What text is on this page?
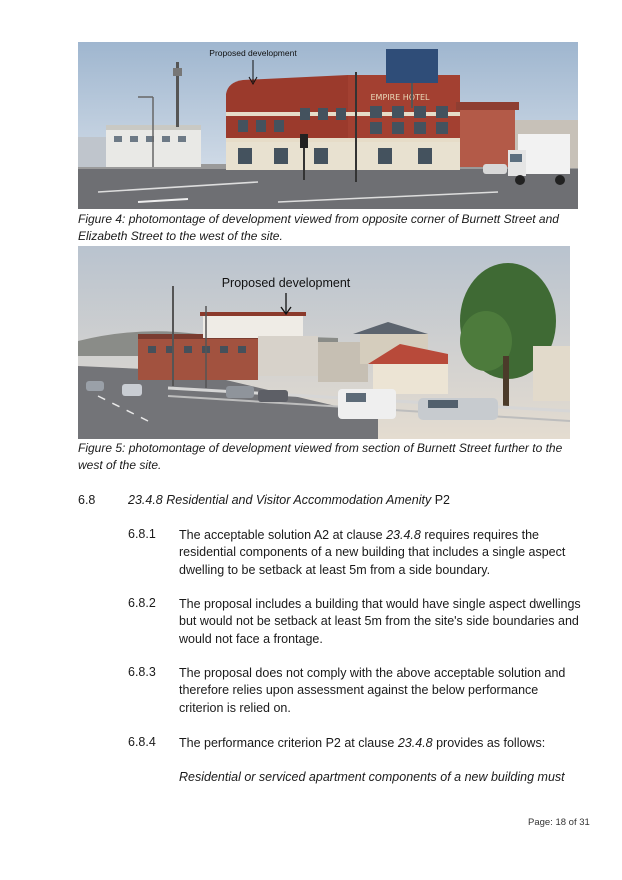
EMPIRE HOTEL
Proposed development
Figure 4: photomontage of development viewed from opposite corner of Burnett Street and Elizabeth Street to the west of the site.
Proposed development
Figure 5: photomontage of development viewed from section of Burnett Street further to the west of the site.
6.8	23.4.8 Residential and Visitor Accommodation Amenity P2
6.8.1 The acceptable solution A2 at clause 23.4.8 requires requires the residential components of a new building that includes a single aspect dwelling to be setback at least 5m from a side boundary.
6.8.2 The proposal includes a building that would have single aspect dwellings but would not be setback at least 5m from the site's side boundaries and would not face a frontage.
6.8.3 The proposal does not comply with the above acceptable solution and therefore relies upon assessment against the below performance criterion is relied on.
6.8.4 The performance criterion P2 at clause 23.4.8 provides as follows:
Residential or serviced apartment components of a new building must
Page: 18 of 31
